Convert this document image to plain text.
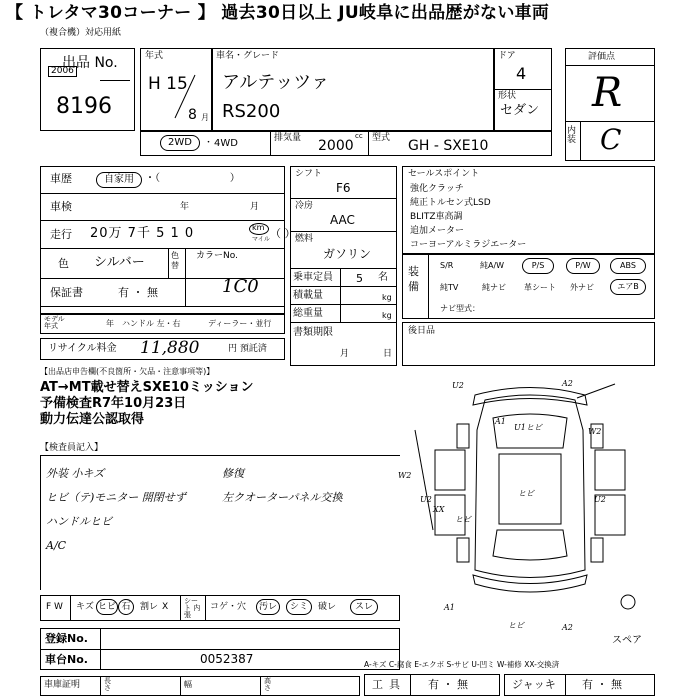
【 トレタマ30コーナー 】 過去30日以上 JU岐阜に出品歴がない車両
（複合機）対応用紙
出品 No.
2006
8196
年式
H 15
8 月
車名・グレード
アルテッツァ
RS200
ドア
4
形状
セダン
評価点
R
内装 C
2WD	・ 4WD	排気量 2000
cc 型式 GH - SXE10
車歴	自家用	・（                      ）
車検	年	月
走行 20万 7千 5 1 0	km
マイル （ ）
色 シルバー	色替
カラーNo.
1C0
保証書	有 ・ 無
モデル年式	年 ハンドル 左・右	ディーラー・並行
リサイクル料金 11,880	円 預託済
シフト
F6
冷房
AAC
燃料
ガソリン
乗車定員 5 名
積載量	kg
総重量	kg
書類期限
月	日
セールスポイント
強化クラッチ
純正トルセン式LSD
BLITZ車高調
追加メーター
コーヨーアルミラジエーター
装備
S/R	純A/W	P/S	P/W	ABS
純TV	純ナビ 革シート 外ナビ	エアB
ナビ型式：
後日品
【出品店申告欄(不良箇所・欠品・注意事項等)】
AT→MT載せ替えSXE10ミッション
予備検査R7年10月23日
動力伝達公認取得
【検査員記入】
外装 小キズ
ヒビ（テ)モニター 開閉せず
ハンドルヒビ
A/C
修復
左クオーターパネル交換
U2	A2
A1
U1 ヒビ	W2
W2
U2
XX
ヒビ
U2
ヒビ
A1
ヒビ	A2
スペア
F W キズ ヒビ 石	割レ X
シート 内張
コゲ・穴	汚レ	シミ	破レ	スレ
登録No.
車台No.	0052387
車庫証明	長さ	幅	高さ
A-キズ C-腐食 E-エクボ S-サビ U-凹ミ W-補修 XX-交換済
工具 有 ・ 無	ジャッキ 有 ・ 無
